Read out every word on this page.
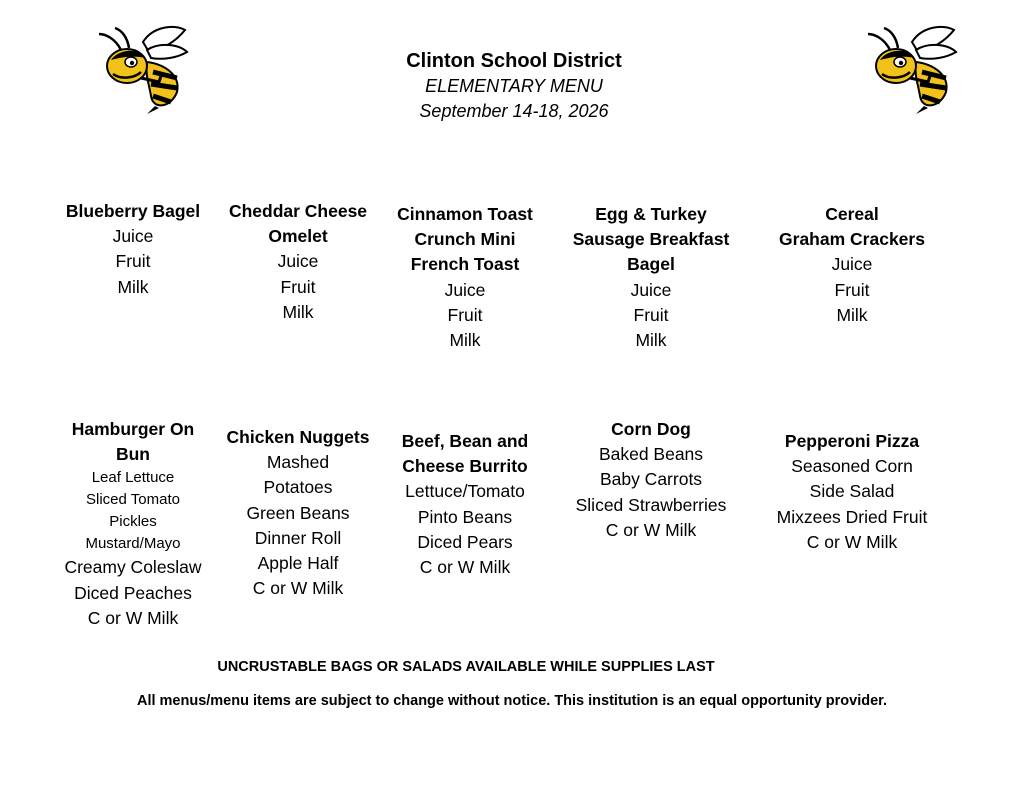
Clinton School District
ELEMENTARY MENU
September 14-18, 2026
Blueberry Bagel
Juice
Fruit
Milk
Cheddar Cheese
Omelet
Juice
Fruit
Milk
Cinnamon Toast
Crunch Mini
French Toast
Juice
Fruit
Milk
Egg & Turkey
Sausage Breakfast
Bagel
Juice
Fruit
Milk
Cereal
Graham Crackers
Juice
Fruit
Milk
Hamburger On
Bun
Leaf Lettuce
Sliced Tomato
Pickles
Mustard/Mayo
Creamy Coleslaw
Diced Peaches
C or W Milk
Chicken Nuggets
Mashed
Potatoes
Green Beans
Dinner Roll
Apple Half
C or W Milk
Beef, Bean and
Cheese Burrito
Lettuce/Tomato
Pinto Beans
Diced Pears
C or W Milk
Corn Dog
Baked Beans
Baby Carrots
Sliced Strawberries
C or W Milk
Pepperoni Pizza
Seasoned Corn
Side Salad
Mixzees Dried Fruit
C or W Milk
UNCRUSTABLE BAGS OR SALADS AVAILABLE WHILE SUPPLIES LAST
All menus/menu items are subject to change without notice. This institution is an equal opportunity provider.
